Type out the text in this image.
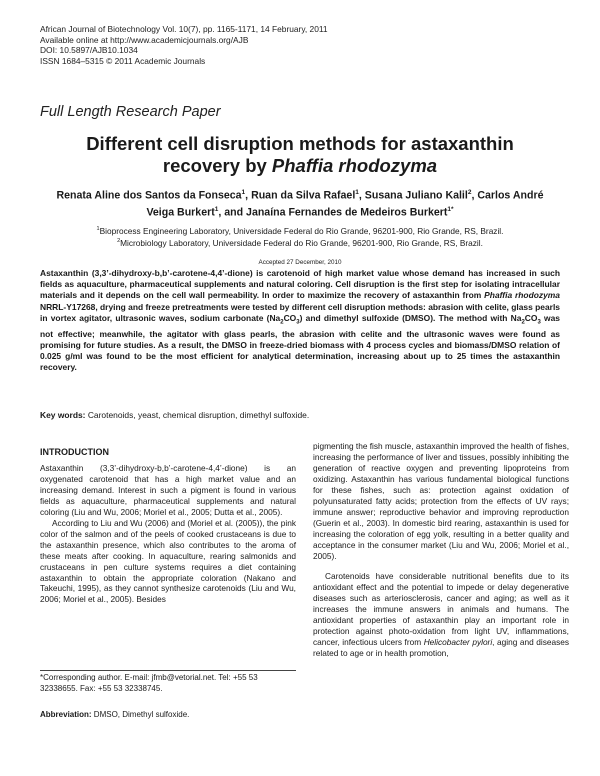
African Journal of Biotechnology Vol. 10(7), pp. 1165-1171, 14 February, 2011
Available online at http://www.academicjournals.org/AJB
DOI: 10.5897/AJB10.1034
ISSN 1684–5315 © 2011 Academic Journals
Full Length Research Paper
Different cell disruption methods for astaxanthin
recovery by Phaffia rhodozyma
Renata Aline dos Santos da Fonseca$^1$, Ruan da Silva Rafael$^1$, Susana Juliano Kalil$^2$, Carlos André Veiga Burkert$^1$, and Janaína Fernandes de Medeiros Burkert$^{1*}$
$^1$Bioprocess Engineering Laboratory, Universidade Federal do Rio Grande, 96201-900, Rio Grande, RS, Brazil.
$^2$Microbiology Laboratory, Universidade Federal do Rio Grande, 96201-900, Rio Grande, RS, Brazil.
Accepted 27 December, 2010
Astaxanthin (3,3’-dihydroxy-b,b’-carotene-4,4’-dione) is carotenoid of high market value whose demand has increased in such fields as aquaculture, pharmaceutical supplements and natural coloring. Cell disruption is the first step for isolating intracellular materials and it depends on the cell wall permeability. In order to maximize the recovery of astaxanthin from Phaffia rhodozyma NRRL-Y17268, drying and freeze pretreatments were tested by different cell disruption methods: abrasion with celite, glass pearls in vortex agitator, ultrasonic waves, sodium carbonate $(Na_2CO_3)$ and dimethyl sulfoxide (DMSO). The method with $Na_2CO_3$ was not effective; meanwhile, the agitator with glass pearls, the abrasion with celite and the ultrasonic waves were found as promising for future studies. As a result, the DMSO in freeze-dried biomass with 4 process cycles and biomass/DMSO relation of 0.025 g/ml was found to be the most efficient for analytical determination, increasing about up to 25 times the astaxanthin recovery.
Key words: Carotenoids, yeast, chemical disruption, dimethyl sulfoxide.
INTRODUCTION

Astaxanthin (3,3’-dihydroxy-b,b’-carotene-4,4’-dione) is an oxygenated carotenoid that has a high market value and an increasing demand. Interest in such a pigment is found in various fields as aquaculture, pharmaceutical supplements and natural coloring (Liu and Wu, 2006; Moriel et al., 2005; Dutta et al., 2005).

According to Liu and Wu (2006) and (Moriel et al. (2005)), the pink color of the salmon and of the peels of cooked crustaceans is due to the astaxanthin presence, which also contributes to the aroma of these meats after cooking. In aquaculture, rearing salmonids and crustaceans in pen culture systems requires a diet containing astaxanthin to obtain the appropriate coloration (Nakano and Takeuchi, 1995), as they cannot synthesize carotenoids (Liu and Wu, 2006; Moriel et al., 2005). Besides

pigmenting the fish muscle, astaxanthin improved the health of fishes, increasing the performance of liver and tissues, possibly inhibiting the generation of reactive oxygen and preventing lipoproteins from oxidizing. Astaxanthin has various fundamental biological functions for these fishes, such as: protection against oxidation of polyunsaturated fatty acids; protection from the effects of UV rays; immune answer; reproductive behavior and improving reproduction (Guerin et al., 2003). In domestic bird rearing, astaxanthin is used for increasing the coloration of egg yolk, resulting in a better quality and acceptance in the consumer market (Liu and Wu, 2006; Moriel et al., 2005).

Carotenoids have considerable nutritional benefits due to its antioxidant effect and the potential to impede or delay degenerative diseases such as arteriosclerosis, cancer and aging; as well as it increases the immune answers in animals and humans. The antioxidant properties of astaxanthin play an important role in protection against photo-oxidation from light UV, inflammations, cancer, infectious ulcers from Helicobacter pylori, aging and diseases related to age or in health promotion,

*Corresponding author. E-mail: jfmb@vetorial.net. Tel: +55 53 32338655. Fax: +55 53 32338745.
Abbreviation: DMSO, Dimethyl sulfoxide.
